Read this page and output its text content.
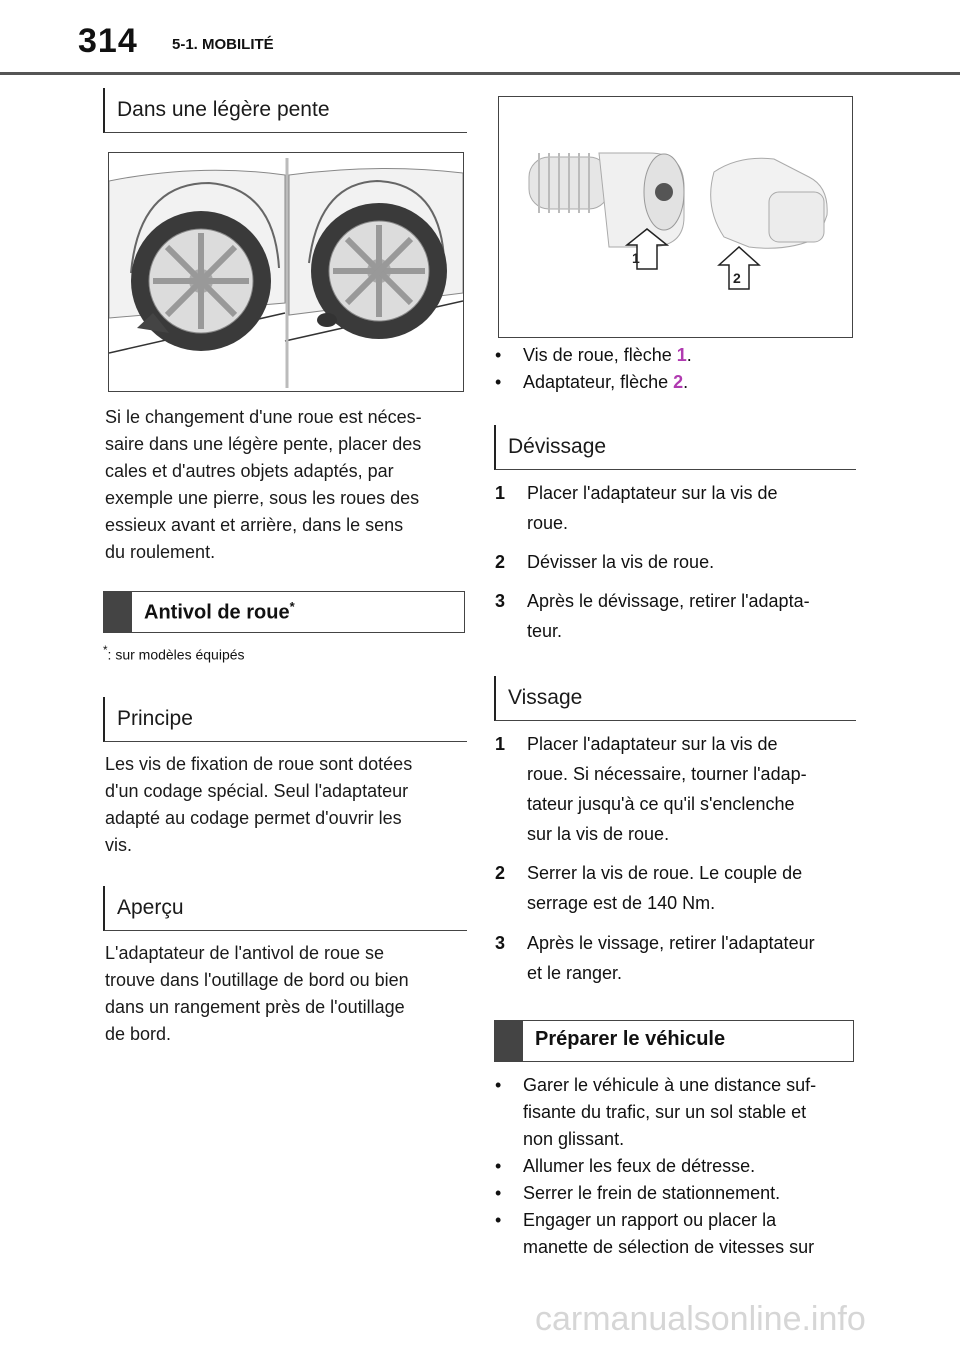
314 5-1. MOBILITÉ
Dans une légère pente
Si le changement d'une roue est néces-
saire dans une légère pente, placer des
cales et d'autres objets adaptés, par
exemple une pierre, sous les roues des
essieux avant et arrière, dans le sens
du roulement.
Antivol de roue*
*: sur modèles équipés
Principe
Les vis de fixation de roue sont dotées
d'un codage spécial. Seul l'adaptateur
adapté au codage permet d'ouvrir les
vis.
Aperçu
L'adaptateur de l'antivol de roue se
trouve dans l'outillage de bord ou bien
dans un rangement près de l'outillage
de bord.
1
2
• Vis de roue, flèche 1.
• Adaptateur, flèche 2.
Dévissage
1 Placer l'adaptateur sur la vis de
roue.
2 Dévisser la vis de roue.
3 Après le dévissage, retirer l'adapta-
teur.
Vissage
1 Placer l'adaptateur sur la vis de
roue. Si nécessaire, tourner l'adap-
tateur jusqu'à ce qu'il s'enclenche
sur la vis de roue.
2 Serrer la vis de roue. Le couple de
serrage est de 140 Nm.
3 Après le vissage, retirer l'adaptateur
et le ranger.
Préparer le véhicule
• Garer le véhicule à une distance suf-
fisante du trafic, sur un sol stable et
non glissant.
• Allumer les feux de détresse.
• Serrer le frein de stationnement.
• Engager un rapport ou placer la
manette de sélection de vitesses sur
carmanualsonline.info
